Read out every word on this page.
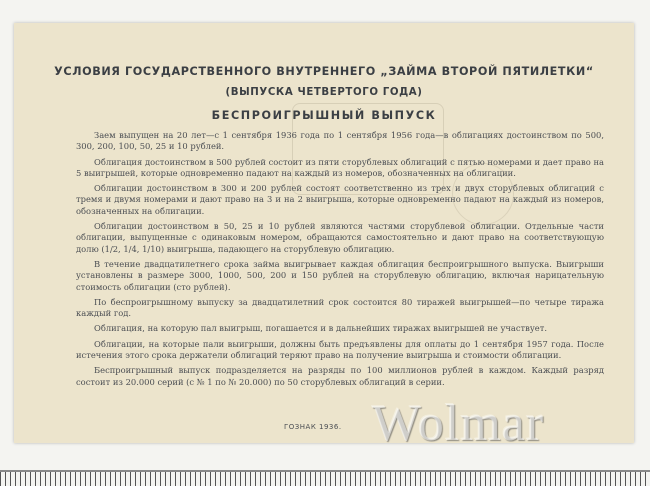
УСЛОВИЯ ГОСУДАРСТВЕННОГО ВНУТРЕННЕГО „ЗАЙМА ВТОРОЙ ПЯТИЛЕТКИ“
(ВЫПУСКА ЧЕТВЕРТОГО ГОДА)
БЕСПРОИГРЫШНЫЙ ВЫПУСК

Заем выпущен на 20 лет—с 1 сентября 1936 года по 1 сентября 1956 года—в облигациях достоинством по 500, 300, 200, 100, 50, 25 и 10 рублей.

Облигация достоинством в 500 рублей состоит из пяти сторублевых облигаций с пятью номерами и дает право на 5 выигрышей, которые одновременно падают на каждый из номеров, обозначенных на облигации.

Облигации достоинством в 300 и 200 рублей состоят соответственно из трех и двух сторублевых облигаций с тремя и двумя номерами и дают право на 3 и на 2 выигрыша, которые одновременно падают на каждый из номеров, обозначенных на облигации.

Облигации достоинством в 50, 25 и 10 рублей являются частями сторублевой облигации. Отдельные части облигации, выпущенные с одинаковым номером, обращаются самостоятельно и дают право на соответствующую долю (1/2, 1/4, 1/10) выигрыша, падающего на сторублевую облигацию.

В течение двадцатилетнего срока займа выигрывает каждая облигация беспроигрышного выпуска. Выигрыши установлены в размере 3000, 1000, 500, 200 и 150 рублей на сторублевую облигацию, включая нарицательную стоимость облигации (сто рублей).

По беспроигрышному выпуску за двадцатилетний срок состоится 80 тиражей выигрышей—по четыре тиража каждый год.

Облигация, на которую пал выигрыш, погашается и в дальнейших тиражах выигрышей не участвует.

Облигации, на которые пали выигрыши, должны быть предъявлены для оплаты до 1 сентября 1957 года. После истечения этого срока держатели облигаций теряют право на получение выигрыша и стоимости облигации.

Беспроигрышный выпуск подразделяется на разряды по 100 миллионов рублей в каждом. Каждый разряд состоит из 20.000 серий (с № 1 по № 20.000) по 50 сторублевых облигаций в серии.

ГОЗНАК 1936. Wolmar
